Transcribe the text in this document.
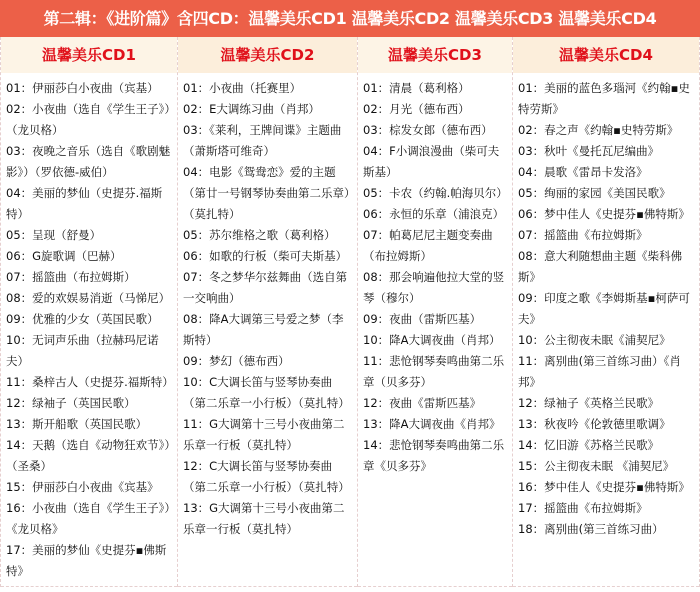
第二辑：《进阶篇》含四CD：温馨美乐CD1 温馨美乐CD2 温馨美乐CD3 温馨美乐CD4
温馨美乐CD1
01：伊丽莎白小夜曲（宾基）
02：小夜曲（选自《学生王子》）（龙贝格）
03：夜晚之音乐（选自《歌剧魅影》）（罗依德-威伯）
04：美丽的梦仙（史提芬.福斯特）
05：呈现（舒曼）
06：G旋歌调（巴赫）
07：摇篮曲（布拉姆斯）
08：爱的欢娱易消逝（马悌尼）
09：优雅的少女（英国民歌）
10：无词声乐曲（拉赫玛尼诺夫）
11：桑梓古人（史提芬.福斯特）
12：绿袖子（英国民歌）
13：斯开船歌（英国民歌）
14：天鹅（选自《动物狂欢节》）（圣桑）
15：伊丽莎白小夜曲《宾基》
16：小夜曲（选自《学生王子》）《龙贝格》
17：美丽的梦仙《史提芬▪佛斯特》
温馨美乐CD2
01：小夜曲（托赛里）
02：E大调练习曲（肖邦）
03：《莱利，王牌间谍》主题曲（萧斯塔可维奇）
04：电影《鸳鸯恋》爱的主题（第廿一号钢琴协奏曲第二乐章）（莫扎特）
05：苏尔维格之歌（葛利格）
06：如歌的行板（柴可夫斯基）
07：冬之梦华尔兹舞曲（选自第一交响曲）
08：降A大调第三号爱之梦（李斯特）
09：梦幻（德布西）
10：C大调长笛与竖琴协奏曲（第二乐章一小行板）（莫扎特）
11：G大调第十三号小夜曲第二乐章一行板（莫扎特）
12：C大调长笛与竖琴协奏曲（第二乐章一小行板）（莫扎特）
13：G大调第十三号小夜曲第二乐章一行板（莫扎特）
温馨美乐CD3
01：清晨（葛利格）
02：月光（德布西）
03：棕发女郎（德布西）
04：F小调浪漫曲（柴可夫斯基）
05：卡农（约翰.帕海贝尔）
06：永恒的乐章（浦浪克）
07：帕葛尼尼主题变奏曲（布拉姆斯）
08：那会响遍他拉大堂的竖琴（穆尔）
09：夜曲（雷斯匹基）
10：降A大调夜曲（肖邦）
11：悲怆钢琴奏鸣曲第二乐章（贝多芬）
12：夜曲《雷斯匹基》
13：降A大调夜曲《肖邦》
14：悲怆钢琴奏鸣曲第二乐章《贝多芬》
温馨美乐CD4
01：美丽的蓝色多瑙河《约翰▪史特劳斯》
02：春之声《约翰▪史特劳斯》
03：秋叶《曼托瓦尼编曲》
04：晨歌《雷昂卡发洛》
05：绚丽的家园《美国民歌》
06：梦中佳人《史提芬▪佛特斯》
07：摇篮曲《布拉姆斯》
08：意大利随想曲主题《柴科佛斯》
09：印度之歌《李姆斯基▪柯萨可夫》
10：公主彻夜未眠《浦契尼》
11：离别曲(第三首练习曲）《肖邦》
12：绿袖子《英格兰民歌》
13：秋夜吟《伦敦德里歌调》
14：忆旧游《苏格兰民歌》
15：公主彻夜未眠 《浦契尼》
16：梦中佳人《史提芬▪佛特斯》
17：摇篮曲《布拉姆斯》
18：离别曲(第三首练习曲）
